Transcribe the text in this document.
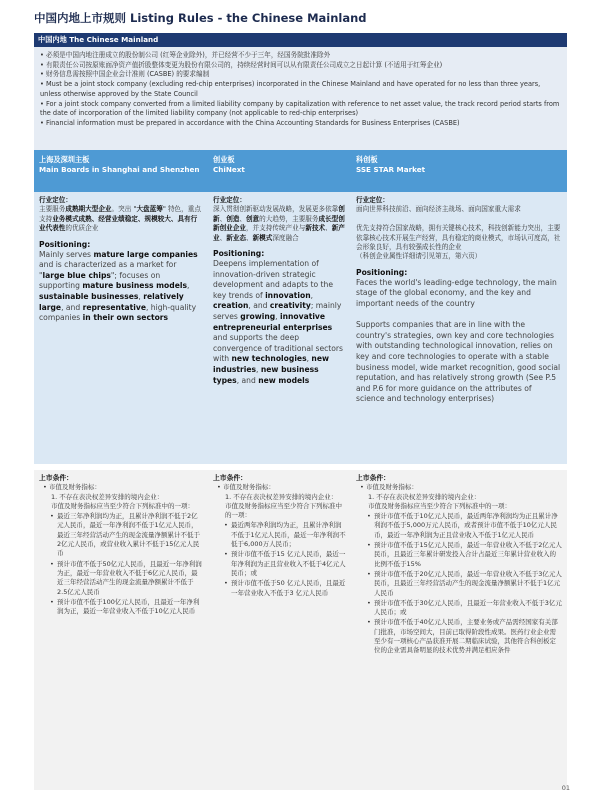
中国内地上市规则 Listing Rules - the Chinese Mainland
中国内地 The Chinese Mainland

• 必须是中国内地注册成立的股份制公司 (红筹企业除外)，并已经营不少于三年，经国务院批准除外

• 有限责任公司按原账面净资产值折股整体变更为股份有限公司的，持续经营时间可以从有限责任公司成立之日起计算 (不适用于红筹企业)

• 财务信息需按照中国企业会计准则 (CASBE) 的要求编制

• Must be a joint stock company (excluding red-chip enterprises) incorporated in the Chinese Mainland and have operated for no less than three years, unless otherwise approved by the State Council

• For a joint stock company converted from a limited liability company by capitalization with reference to net asset value, the track record period starts from the date of incorporation of the limited liability company (not applicable to red-chip enterprises)

• Financial information must be prepared in accordance with the China Accounting Standards for Business Enterprises (CASBE)

上海及深圳主板
Main Boards in Shanghai and Shenzhen
创业板
ChiNext
科创板
SSE STAR Market

行业定位：

主要服务成熟期大型企业。突出 "大盘蓝筹" 特色，重点支持业务模式成熟、经营业绩稳定、规模较大、具有行业代表性的优质企业

Positioning:

Mainly serves mature large companies and is characterized as a market for "large blue chips"; focuses on supporting mature business models, sustainable businesses, relatively large, and representative, high-quality companies in their own sectors

行业定位：

深入贯彻创新驱动发展战略，发展更多依靠创新、创造、创意的大趋势，主要服务成长型创新创业企业，并支持传统产业与新技术、新产业、新业态、新模式深度融合

Positioning:

Deepens implementation of innovation-driven strategic development and adapts to the key trends of innovation, creation, and creativity; mainly serves growing, innovative entrepreneurial enterprises and supports the deep convergence of traditional sectors with new technologies, new industries, new business types, and new models

行业定位：

面向世界科技前沿、面向经济主战场、面向国家重大需求

优先支持符合国家战略，拥有关键核心技术，科技创新能力突出，主要依靠核心技术开展生产经营，具有稳定的商业模式，市场认可度高，社会形象良好，具有较强成长性的企业
（科创企业属性详细请引见第五，第六页）

Positioning:

Faces the world's leading-edge technology, the main stage of the global economy, and the key and important needs of the country

Supports companies that are in line with the country's strategies, own key and core technologies with outstanding technological innovation, relies on key and core technologies to operate with a stable business model, wide market recognition, good social reputation, and has relatively strong growth (See P.5 and P.6 for more guidance on the attributes of science and technology enterprises)

上市条件：

• 市值及财务指标：

1. 不存在表决权差异安排的境内企业：

市值及财务指标应当至少符合下列标准中的一项：

• 最近三年净利润均为正，且累计净利润不低于2亿元人民币，最近一年净利润不低于1亿元人民币，最近三年经营活动产生的现金流量净额累计不低于2亿元人民币，或营业收入累计不低于15亿元人民币

• 预计市值不低于50亿元人民币，且最近一年净利润为正，最近一年营业收入不低于6亿元人民币，最近三年经营活动产生的现金流量净额累计不低于2.5亿元人民币

• 预计市值不低于100亿元人民币，且最近一年净利润为正，最近一年营业收入不低于10亿元人民币

上市条件：

• 市值及财务指标：

1. 不存在表决权差异安排的境内企业：

市值及财务指标应当至少符合下列标准中的一项：

• 最近两年净利润均为正，且累计净利润不低于1亿元人民币，最近一年净利润不低于6,000万人民币；

• 预计市值不低于15 亿元人民币，最近一年净利润为正且营业收入不低于4亿元人民币；或

• 预计市值不低于50 亿元人民币，且最近一年营业收入不低于3 亿元人民币

上市条件：

• 市值及财务指标：

1. 不存在表决权差异安排的境内企业：

市值及财务指标应当至少符合下列标准中的一项：

• 预计市值不低于10亿元人民币，最近两年净利润均为正且累计净利润不低于5,000万元人民币，或者预计市值不低于10亿元人民币，最近一年净利润为正且营业收入不低于1亿元人民币

• 预计市值不低于15亿元人民币，最近一年营业收入不低于2亿元人民币，且最近三年累计研发投入合计占最近三年累计营业收入的比例不低于15%

• 预计市值不低于20亿元人民币，最近一年营业收入不低于3亿元人民币，且最近三年经营活动产生的现金流量净额累计不低于1亿元人民币

• 预计市值不低于30亿元人民币，且最近一年营业收入不低于3亿元人民币；或

• 预计市值不低于40亿元人民币，主要业务或产品需经国家有关部门批准，市场空间大，目前已取得阶段性成果。医药行业企业需至少有一项核心产品获准开展二期临床试验，其他符合科创板定位的企业需具备明显的技术优势并满足相应条件

01
